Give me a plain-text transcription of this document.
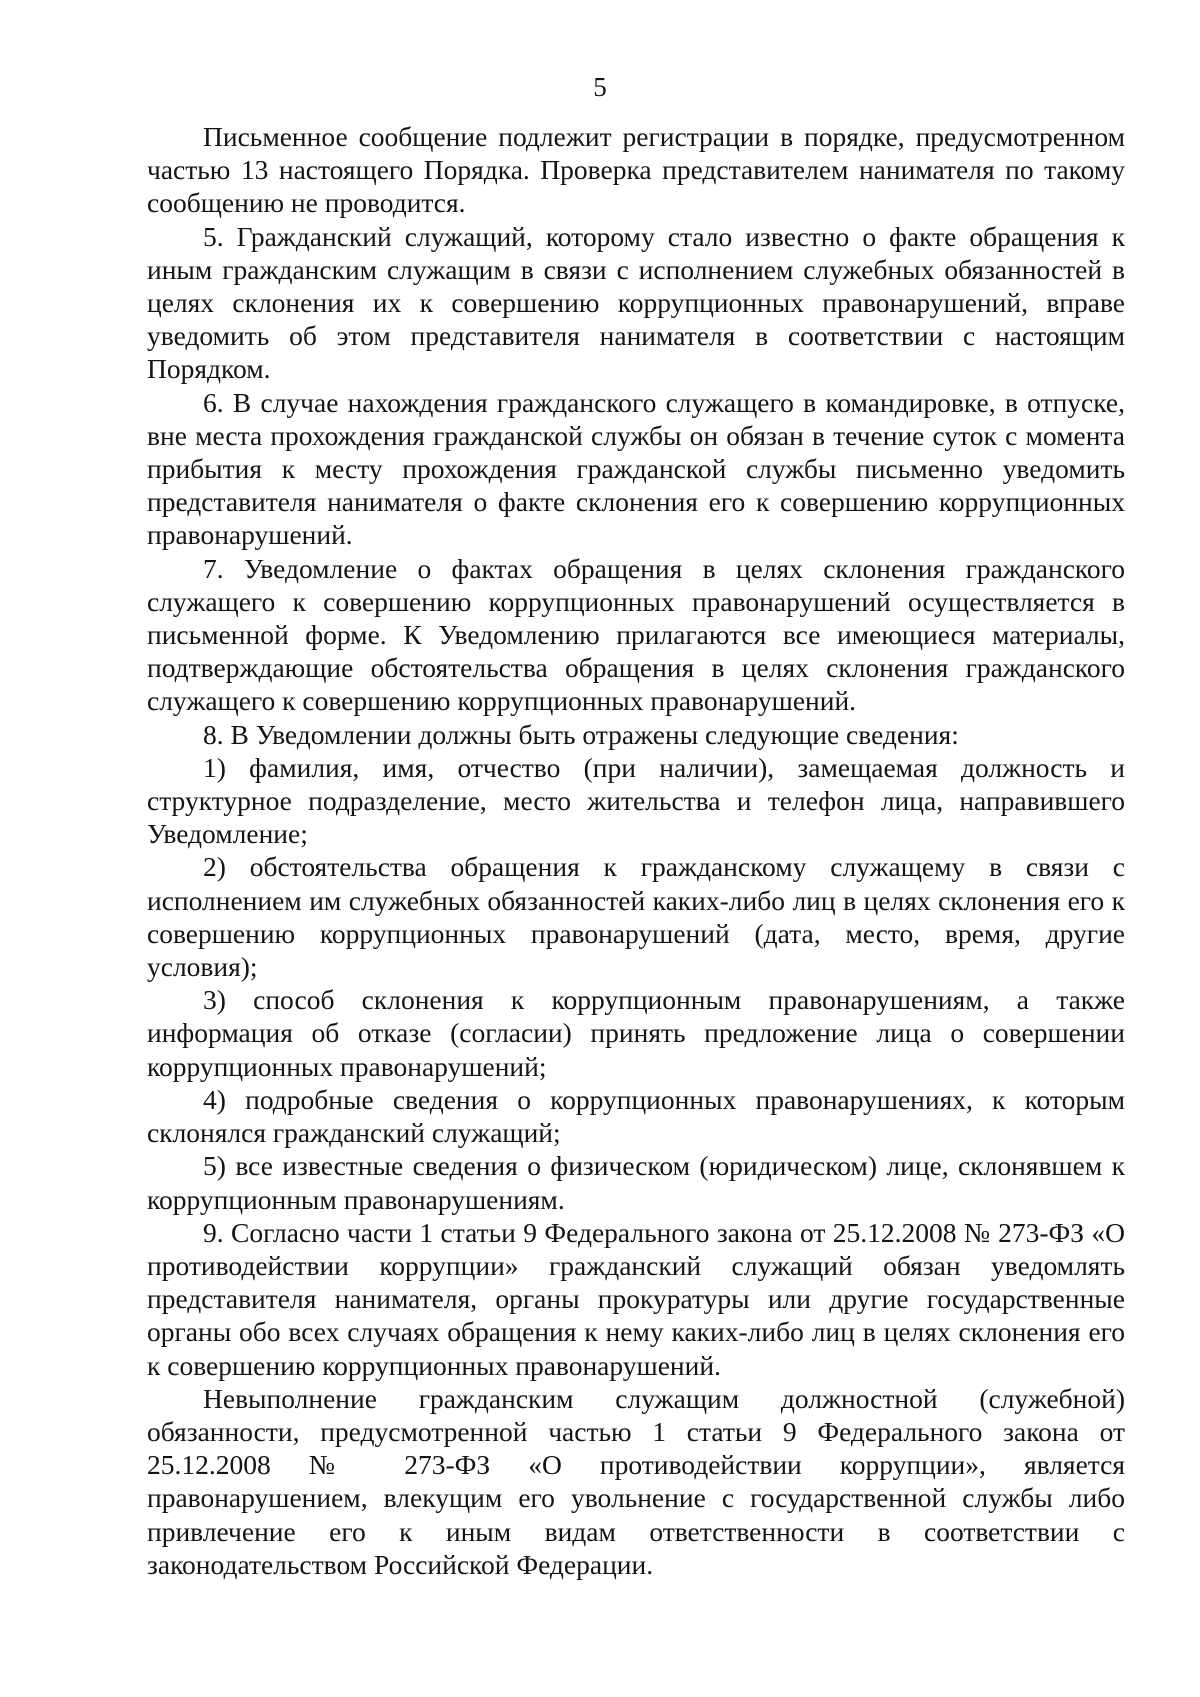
5

Письменное сообщение подлежит регистрации в порядке, предусмотренном частью 13 настоящего Порядка. Проверка представителем нанимателя по такому сообщению не проводится.

5. Гражданский служащий, которому стало известно о факте обращения к иным гражданским служащим в связи с исполнением служебных обязанностей в целях склонения их к совершению коррупционных правонарушений, вправе уведомить об этом представителя нанимателя в соответствии с настоящим Порядком.

6. В случае нахождения гражданского служащего в командировке, в отпуске, вне места прохождения гражданской службы он обязан в течение суток с момента прибытия к месту прохождения гражданской службы письменно уведомить представителя нанимателя о факте склонения его к совершению коррупционных правонарушений.

7. Уведомление о фактах обращения в целях склонения гражданского служащего к совершению коррупционных правонарушений осуществляется в письменной форме. К Уведомлению прилагаются все имеющиеся материалы, подтверждающие обстоятельства обращения в целях склонения гражданского служащего к совершению коррупционных правонарушений.

8. В Уведомлении должны быть отражены следующие сведения:

1) фамилия, имя, отчество (при наличии), замещаемая должность и структурное подразделение, место жительства и телефон лица, направившего Уведомление;

2) обстоятельства обращения к гражданскому служащему в связи с исполнением им служебных обязанностей каких-либо лиц в целях склонения его к совершению коррупционных правонарушений (дата, место, время, другие условия);

3) способ склонения к коррупционным правонарушениям, а также информация об отказе (согласии) принять предложение лица о совершении коррупционных правонарушений;

4) подробные сведения о коррупционных правонарушениях, к которым склонялся гражданский служащий;

5) все известные сведения о физическом (юридическом) лице, склонявшем к коррупционным правонарушениям.

9. Согласно части 1 статьи 9 Федерального закона от 25.12.2008 № 273-ФЗ «О противодействии коррупции» гражданский служащий обязан уведомлять представителя нанимателя, органы прокуратуры или другие государственные органы обо всех случаях обращения к нему каких-либо лиц в целях склонения его к совершению коррупционных правонарушений.

Невыполнение гражданским служащим должностной (служебной) обязанности, предусмотренной частью 1 статьи 9 Федерального закона от 25.12.2008 № 273-ФЗ «О противодействии коррупции», является правонарушением, влекущим его увольнение с государственной службы либо привлечение его к иным видам ответственности в соответствии с законодательством Российской Федерации.
